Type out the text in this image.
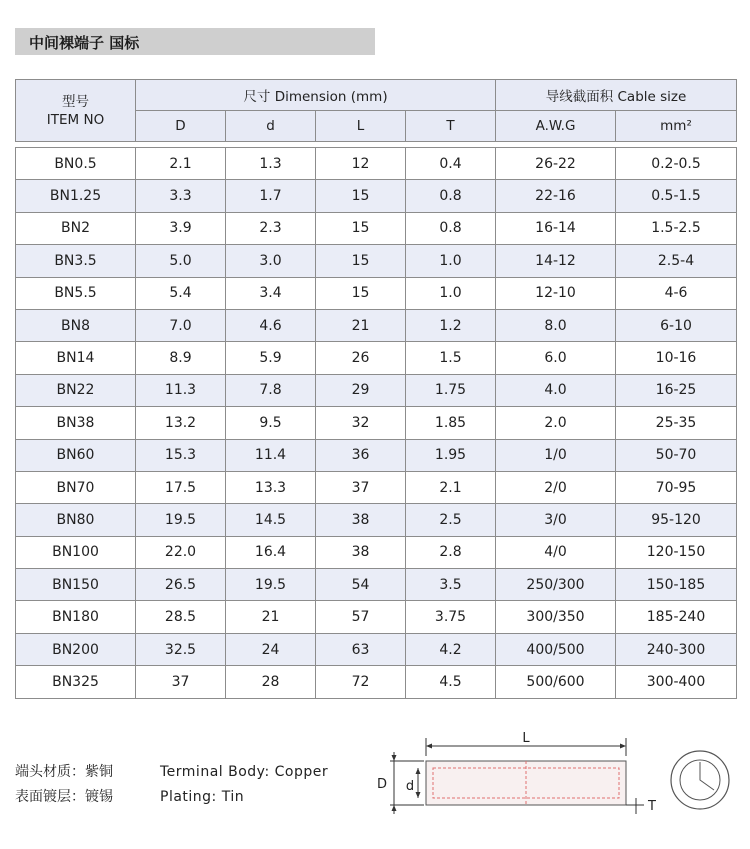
中间裸端子 国标
型号
ITEM NO	尺寸 Dimension (mm)				导线截面积 Cable size	
	D	d	L	T	A.W.G	mm²

BN0.5	2.1	1.3	12	0.4	26-22	0.2-0.5
BN1.25	3.3	1.7	15	0.8	22-16	0.5-1.5
BN2	3.9	2.3	15	0.8	16-14	1.5-2.5
BN3.5	5.0	3.0	15	1.0	14-12	2.5-4
BN5.5	5.4	3.4	15	1.0	12-10	4-6
BN8	7.0	4.6	21	1.2	8.0	6-10
BN14	8.9	5.9	26	1.5	6.0	10-16
BN22	11.3	7.8	29	1.75	4.0	16-25
BN38	13.2	9.5	32	1.85	2.0	25-35
BN60	15.3	11.4	36	1.95	1/0	50-70
BN70	17.5	13.3	37	2.1	2/0	70-95
BN80	19.5	14.5	38	2.5	3/0	95-120
BN100	22.0	16.4	38	2.8	4/0	120-150
BN150	26.5	19.5	54	3.5	250/300	150-185
BN180	28.5	21	57	3.75	300/350	185-240
BN200	32.5	24	63	4.2	400/500	240-300
BN325	37	28	72	4.5	500/600	300-400
端头材质：紫铜	Terminal Body: Copper
表面镀层：镀锡	Plating: Tin
L
D d
T
